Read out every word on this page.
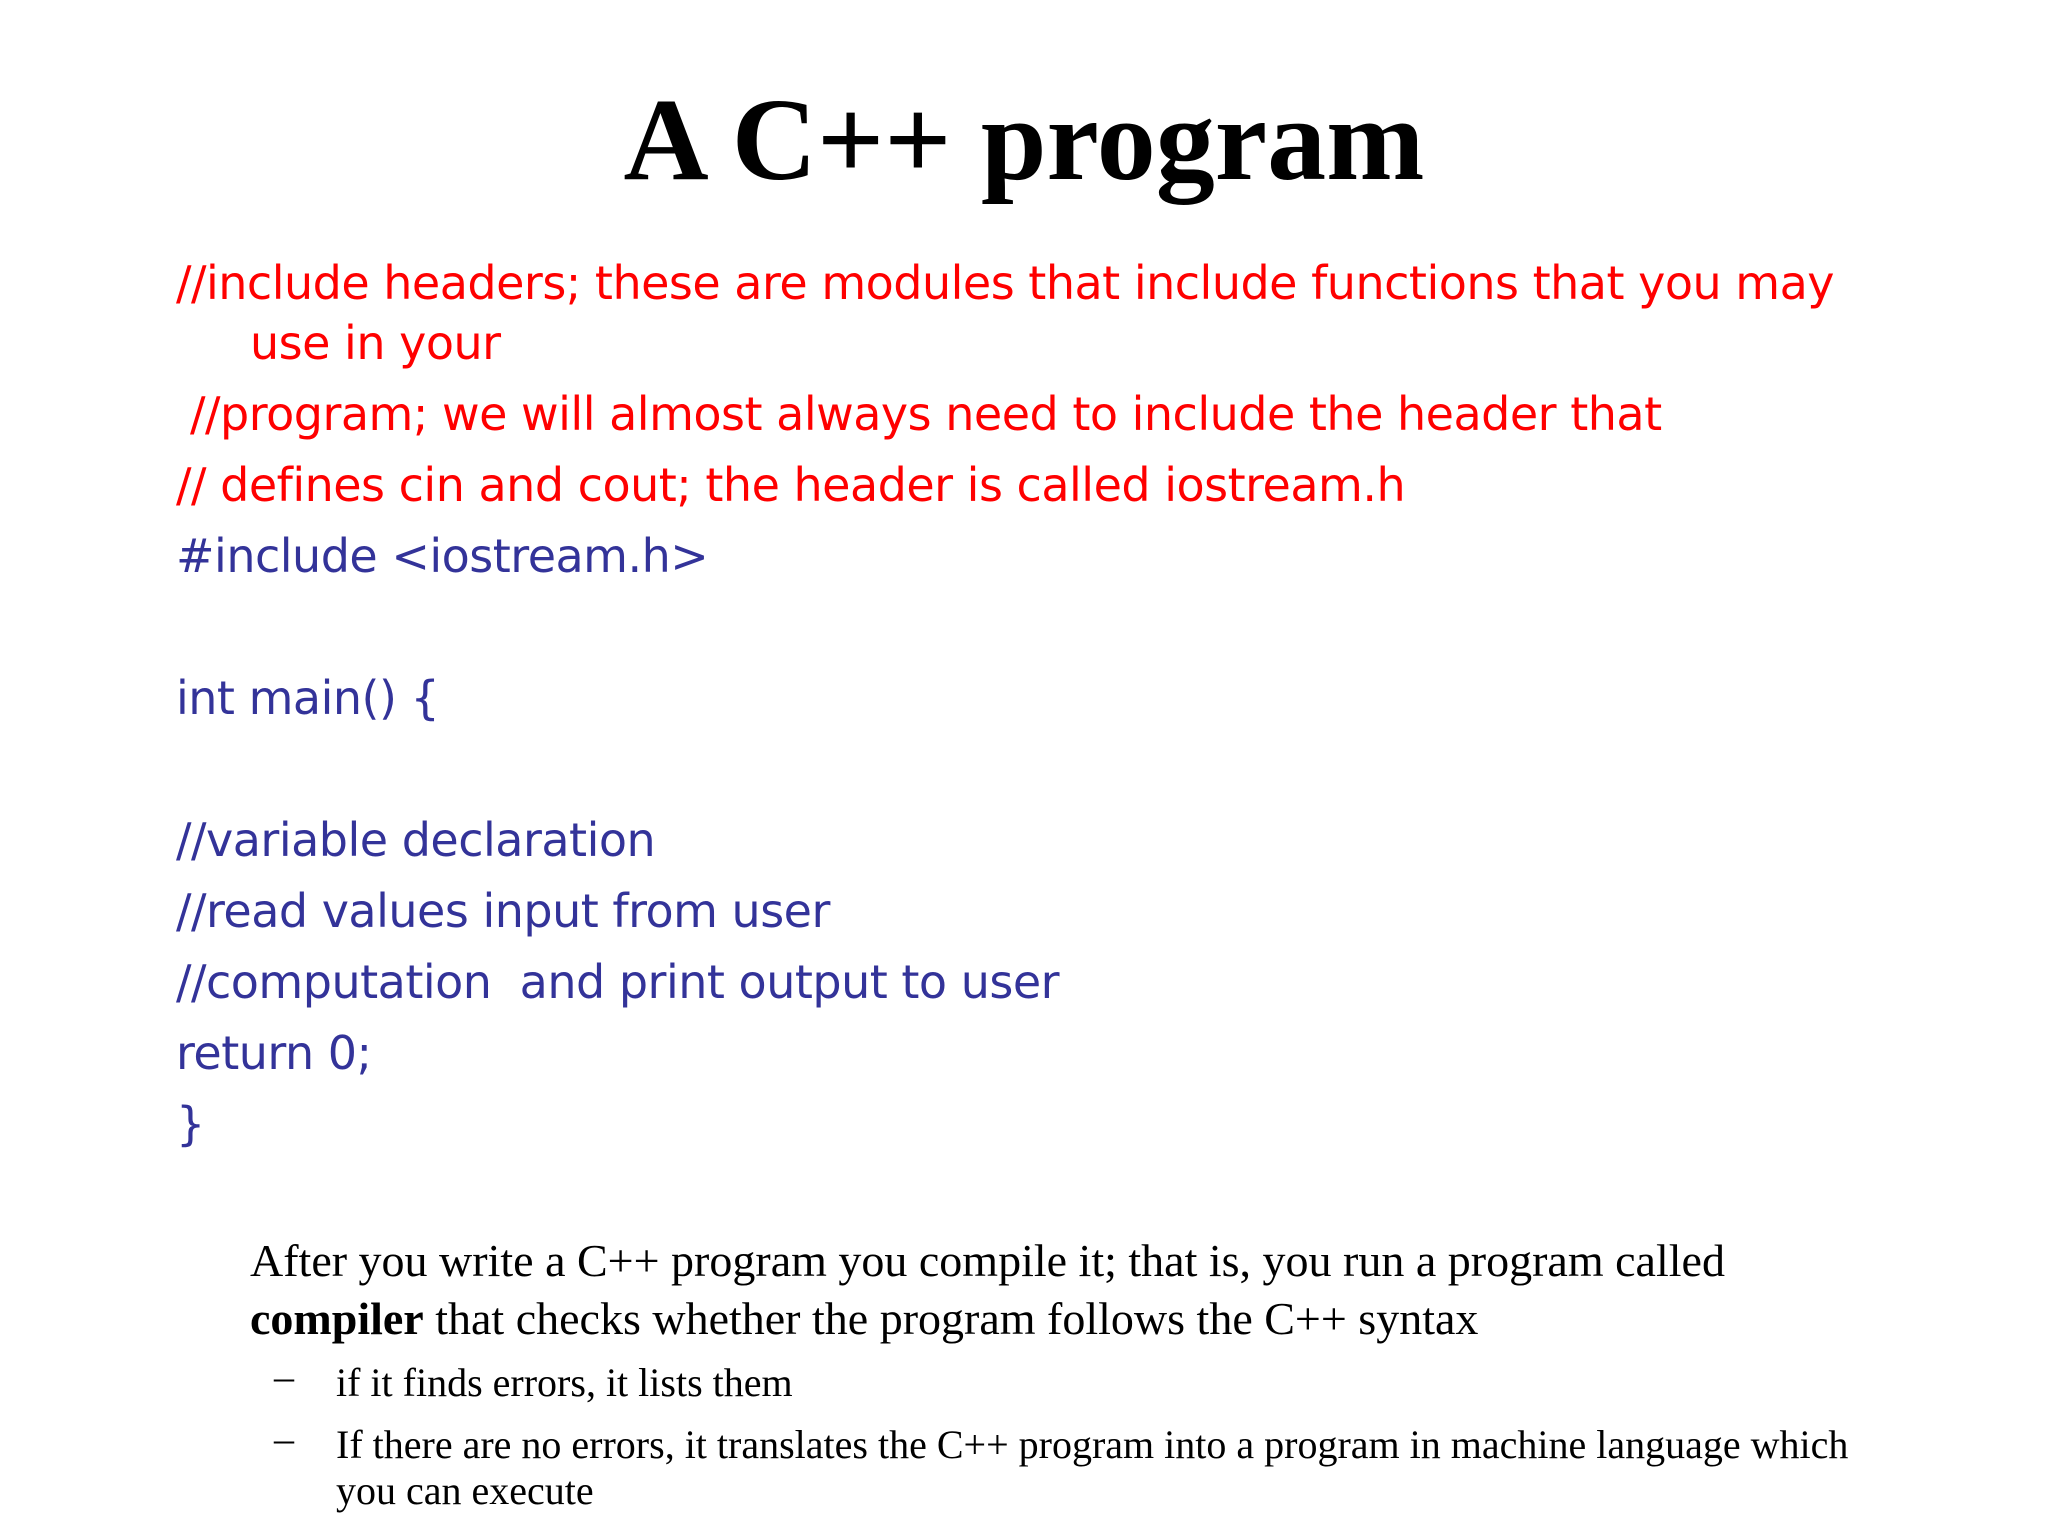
A C++ program
//include headers; these are modules that include functions that you may
use in your
//program; we will almost always need to include the header that
// defines cin and cout; the header is called iostream.h
#include <iostream.h>
int main() {
//variable declaration
//read values input from user
//computation  and print output to user
return 0;
}

After you write a C++ program you compile it; that is, you run a program called compiler that checks whether the program follows the C++ syntax

– if it finds errors, it lists them
– If there are no errors, it translates the C++ program into a program in machine language which you can execute
